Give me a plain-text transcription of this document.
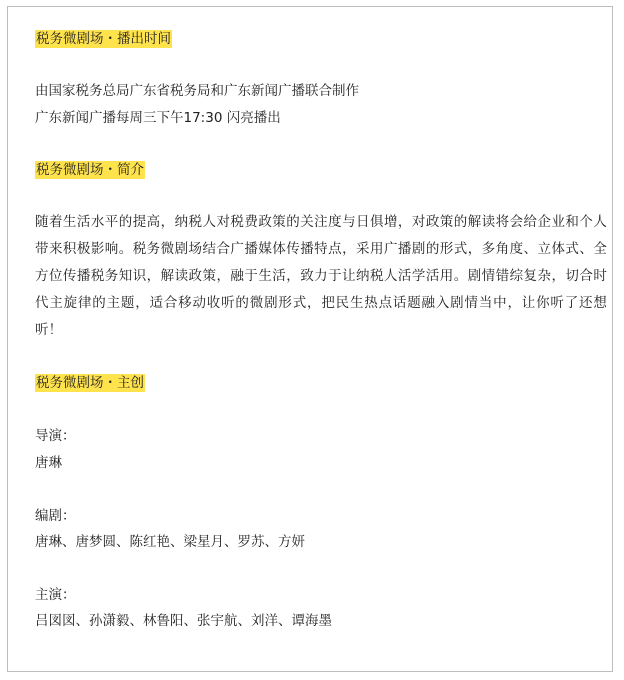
税务微剧场・播出时间
由国家税务总局广东省税务局和广东新闻广播联合制作
广东新闻广播每周三下午17:30 闪亮播出
税务微剧场・简介
随着生活水平的提高，纳税人对税费政策的关注度与日俱增，对政策的解读将会给企业和个人带来积极影响。税务微剧场结合广播媒体传播特点，采用广播剧的形式，多角度、立体式、全方位传播税务知识，解读政策，融于生活，致力于让纳税人活学活用。剧情错综复杂，切合时代主旋律的主题，适合移动收听的微剧形式，把民生热点话题融入剧情当中，让你听了还想听！
税务微剧场・主创
导演：
唐琳
编剧：
唐琳、唐梦圆、陈红艳、梁星月、罗苏、方妍
主演：
吕図図、孙潇毅、林鲁阳、张宇航、刘洋、谭海墨
